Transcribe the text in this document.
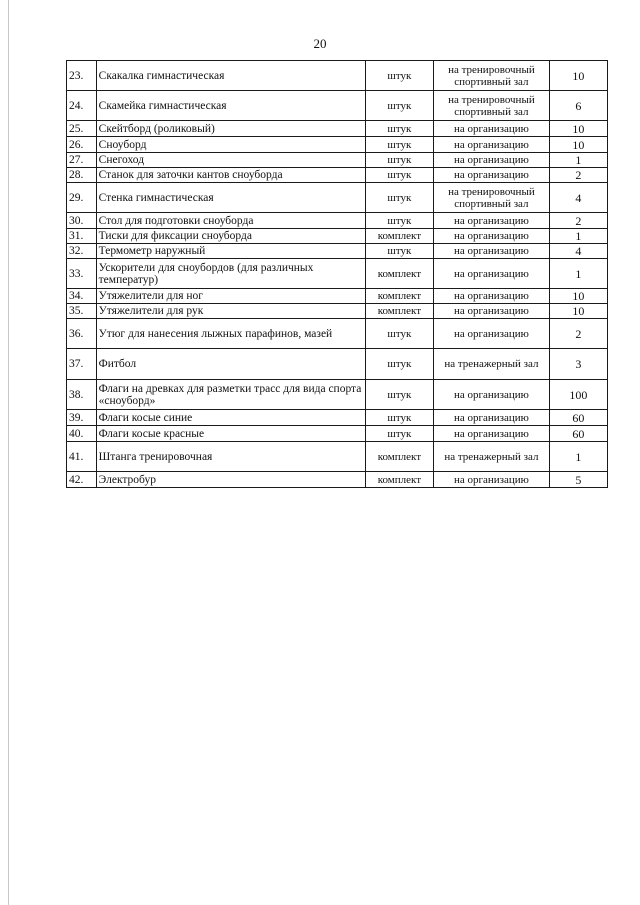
20
23.	Скакалка гимнастическая	штук	на тренировочный спортивный зал	10
24.	Скамейка гимнастическая	штук	на тренировочный спортивный зал	6
25.	Скейтборд (роликовый)	штук	на организацию	10
26.	Сноуборд	штук	на организацию	10
27.	Снегоход	штук	на организацию	1
28.	Станок для заточки кантов сноуборда	штук	на организацию	2
29.	Стенка гимнастическая	штук	на тренировочный спортивный зал	4
30.	Стол для подготовки сноуборда	штук	на организацию	2
31.	Тиски для фиксации сноуборда	комплект	на организацию	1
32.	Термометр наружный	штук	на организацию	4
33.	Ускорители для сноубордов (для различных температур)	комплект	на организацию	1
34.	Утяжелители для ног	комплект	на организацию	10
35.	Утяжелители для рук	комплект	на организацию	10
36.	Утюг для нанесения лыжных парафинов, мазей	штук	на организацию	2
37.	Фитбол	штук	на тренажерный зал	3
38.	Флаги на древках для разметки трасс для вида спорта «сноуборд»	штук	на организацию	100
39.	Флаги косые синие	штук	на организацию	60
40.	Флаги косые красные	штук	на организацию	60
41.	Штанга тренировочная	комплект	на тренажерный зал	1
42.	Электробур	комплект	на организацию	5
